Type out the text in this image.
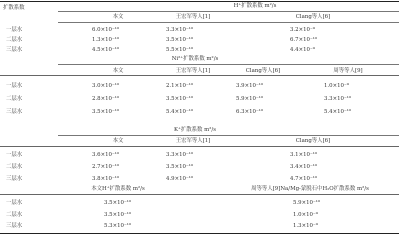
扩散系数	H⁺扩散系数 m²/s
本文	王宏军等人[1]	Clang等人[6]
一层水	6.0×10⁻¹⁰	3.3×10⁻¹⁰	3.2×10⁻⁹
二层水	1.3×10⁻¹⁰	3.5×10⁻¹⁰	6.7×10⁻¹⁰
三层水	4.5×10⁻¹⁰	5.5×10⁻¹⁰	4.4×10⁻⁹
Ni²⁺扩散系数 m²/s
本文	王宏军等人[1]	Clang等人[6]	周等等人[9]
一层水	3.0×10⁻¹⁰	2.1×10⁻¹⁰	3.9×10⁻¹⁰	1.0×10⁻⁹
二层水	2.8×10⁻¹⁰	3.5×10⁻¹⁰	5.9×10⁻¹⁰	3.3×10⁻¹⁰
三层水	3.5×10⁻¹⁰	5.4×10⁻¹⁰	6.3×10⁻¹⁰	5.4×10⁻¹⁰
K⁺扩散系数 m²/s
本文	王宏军等人[1]	Clang等人[6]
一层水	3.6×10⁻¹⁰	3.3×10⁻¹⁰	3.1×10⁻¹⁰
二层水	2.7×10⁻¹⁰	3.5×10⁻¹⁰	3.4×10⁻¹⁰
三层水	3.8×10⁻¹⁰	4.9×10⁻¹⁰	4.7×10⁻¹⁰
本文H⁺扩散系数 m²/s	周等等人[9]Na/Mg-蒙脱石中H₂O扩散系数 m²/s
一层水	3.5×10⁻¹⁰	5.9×10⁻¹⁰
二层水	3.5×10⁻¹⁰	1.0×10⁻⁹
三层水	5.3×10⁻¹⁰	1.3×10⁻⁹
